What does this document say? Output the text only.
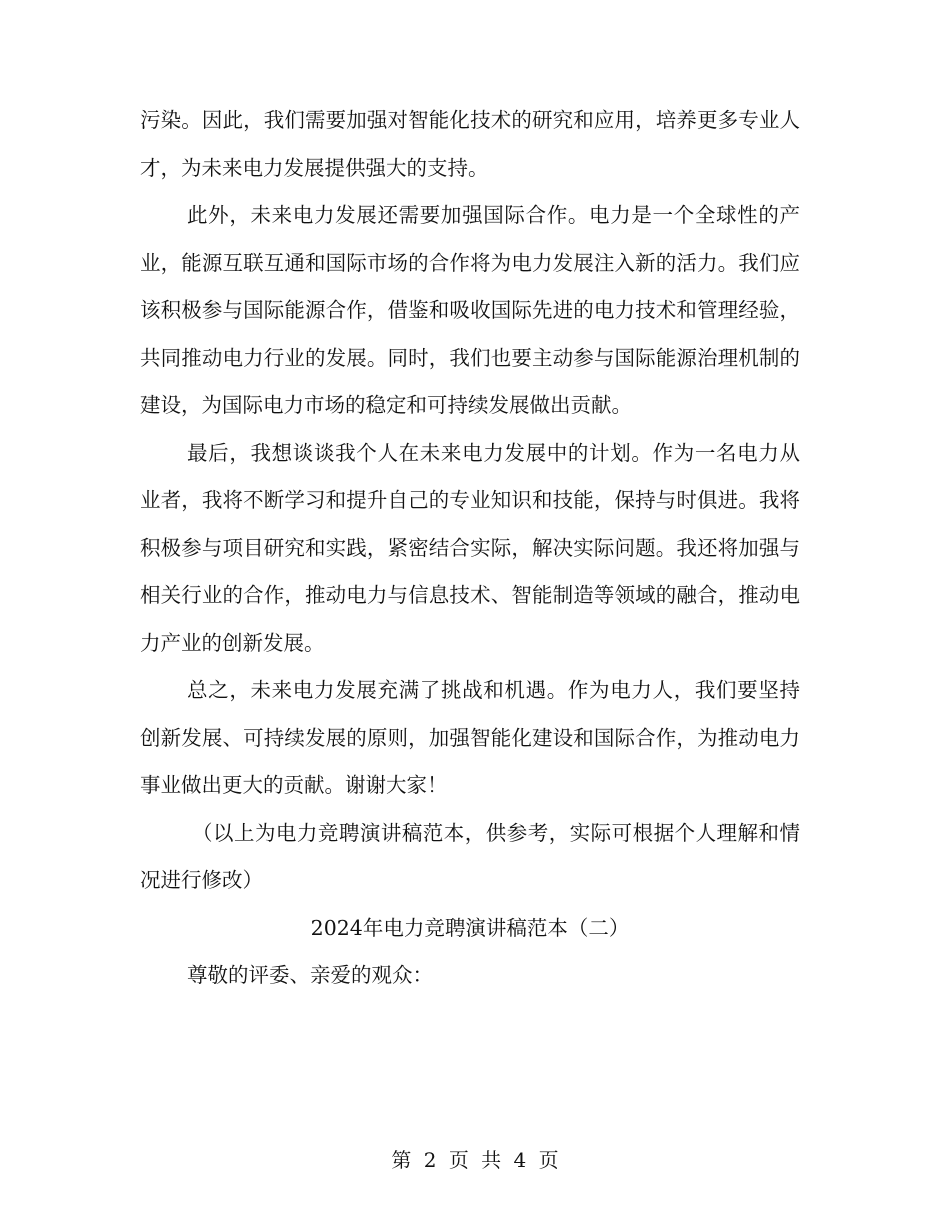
污染。因此，我们需要加强对智能化技术的研究和应用，培养更多专业人才，为未来电力发展提供强大的支持。

此外，未来电力发展还需要加强国际合作。电力是一个全球性的产业，能源互联互通和国际市场的合作将为电力发展注入新的活力。我们应该积极参与国际能源合作，借鉴和吸收国际先进的电力技术和管理经验，共同推动电力行业的发展。同时，我们也要主动参与国际能源治理机制的建设，为国际电力市场的稳定和可持续发展做出贡献。

最后，我想谈谈我个人在未来电力发展中的计划。作为一名电力从业者，我将不断学习和提升自己的专业知识和技能，保持与时俱进。我将积极参与项目研究和实践，紧密结合实际，解决实际问题。我还将加强与相关行业的合作，推动电力与信息技术、智能制造等领域的融合，推动电力产业的创新发展。

总之，未来电力发展充满了挑战和机遇。作为电力人，我们要坚持创新发展、可持续发展的原则，加强智能化建设和国际合作，为推动电力事业做出更大的贡献。谢谢大家！

（以上为电力竞聘演讲稿范本，供参考，实际可根据个人理解和情况进行修改）

2024年电力竞聘演讲稿范本（二）

尊敬的评委、亲爱的观众：

第 2 页 共 4 页
